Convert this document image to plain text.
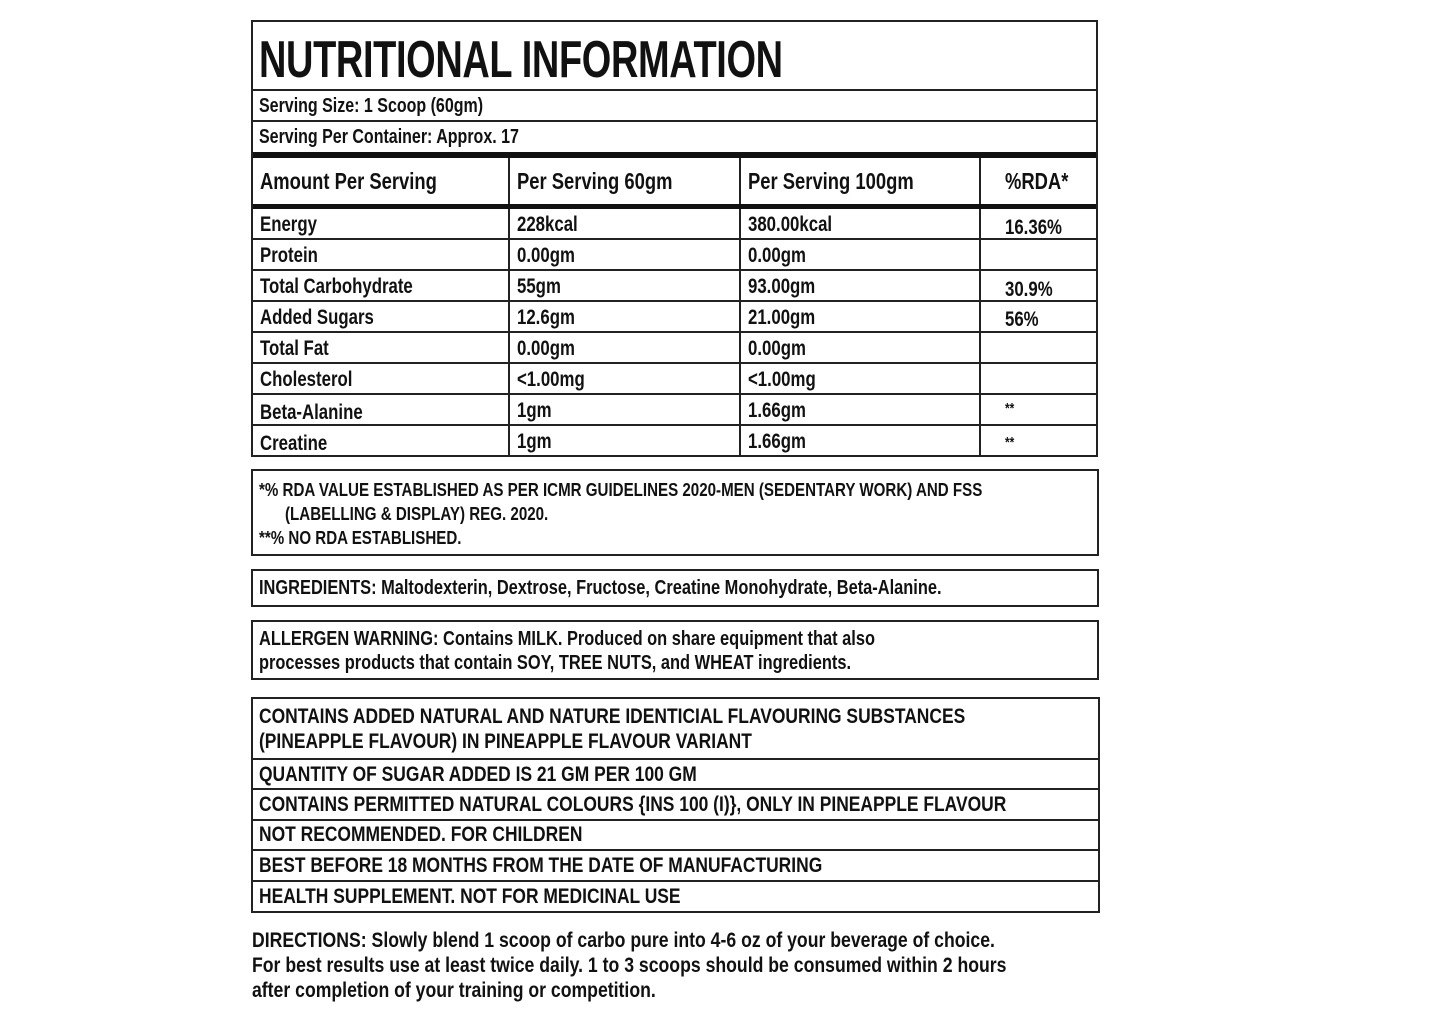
NUTRITIONAL INFORMATION
Serving Size: 1 Scoop (60gm)
Serving Per Container: Approx. 17
Amount Per Serving	Per Serving 60gm	Per Serving 100gm	%RDA*
Energy	228kcal	380.00kcal	16.36%
Protein	0.00gm	0.00gm
Total Carbohydrate	55gm	93.00gm	30.9%
Added Sugars	12.6gm	21.00gm	56%
Total Fat	0.00gm	0.00gm
Cholesterol	<1.00mg	<1.00mg
Beta-Alanine	1gm	1.66gm	**
Creatine	1gm	1.66gm	**
*% RDA VALUE ESTABLISHED AS PER ICMR GUIDELINES 2020-MEN (SEDENTARY WORK) AND FSS
(LABELLING & DISPLAY) REG. 2020.
**% NO RDA ESTABLISHED.
INGREDIENTS: Maltodexterin, Dextrose, Fructose, Creatine Monohydrate, Beta-Alanine.
ALLERGEN WARNING: Contains MILK. Produced on share equipment that also
processes products that contain SOY, TREE NUTS, and WHEAT ingredients.
CONTAINS ADDED NATURAL AND NATURE IDENTICIAL FLAVOURING SUBSTANCES
(PINEAPPLE FLAVOUR) IN PINEAPPLE FLAVOUR VARIANT
QUANTITY OF SUGAR ADDED IS 21 GM PER 100 GM
CONTAINS PERMITTED NATURAL COLOURS {INS 100 (I)}, ONLY IN PINEAPPLE FLAVOUR
NOT RECOMMENDED. FOR CHILDREN
BEST BEFORE 18 MONTHS FROM THE DATE OF MANUFACTURING
HEALTH SUPPLEMENT. NOT FOR MEDICINAL USE
DIRECTIONS: Slowly blend 1 scoop of carbo pure into 4-6 oz of your beverage of choice.
For best results use at least twice daily. 1 to 3 scoops should be consumed within 2 hours
after completion of your training or competition.
